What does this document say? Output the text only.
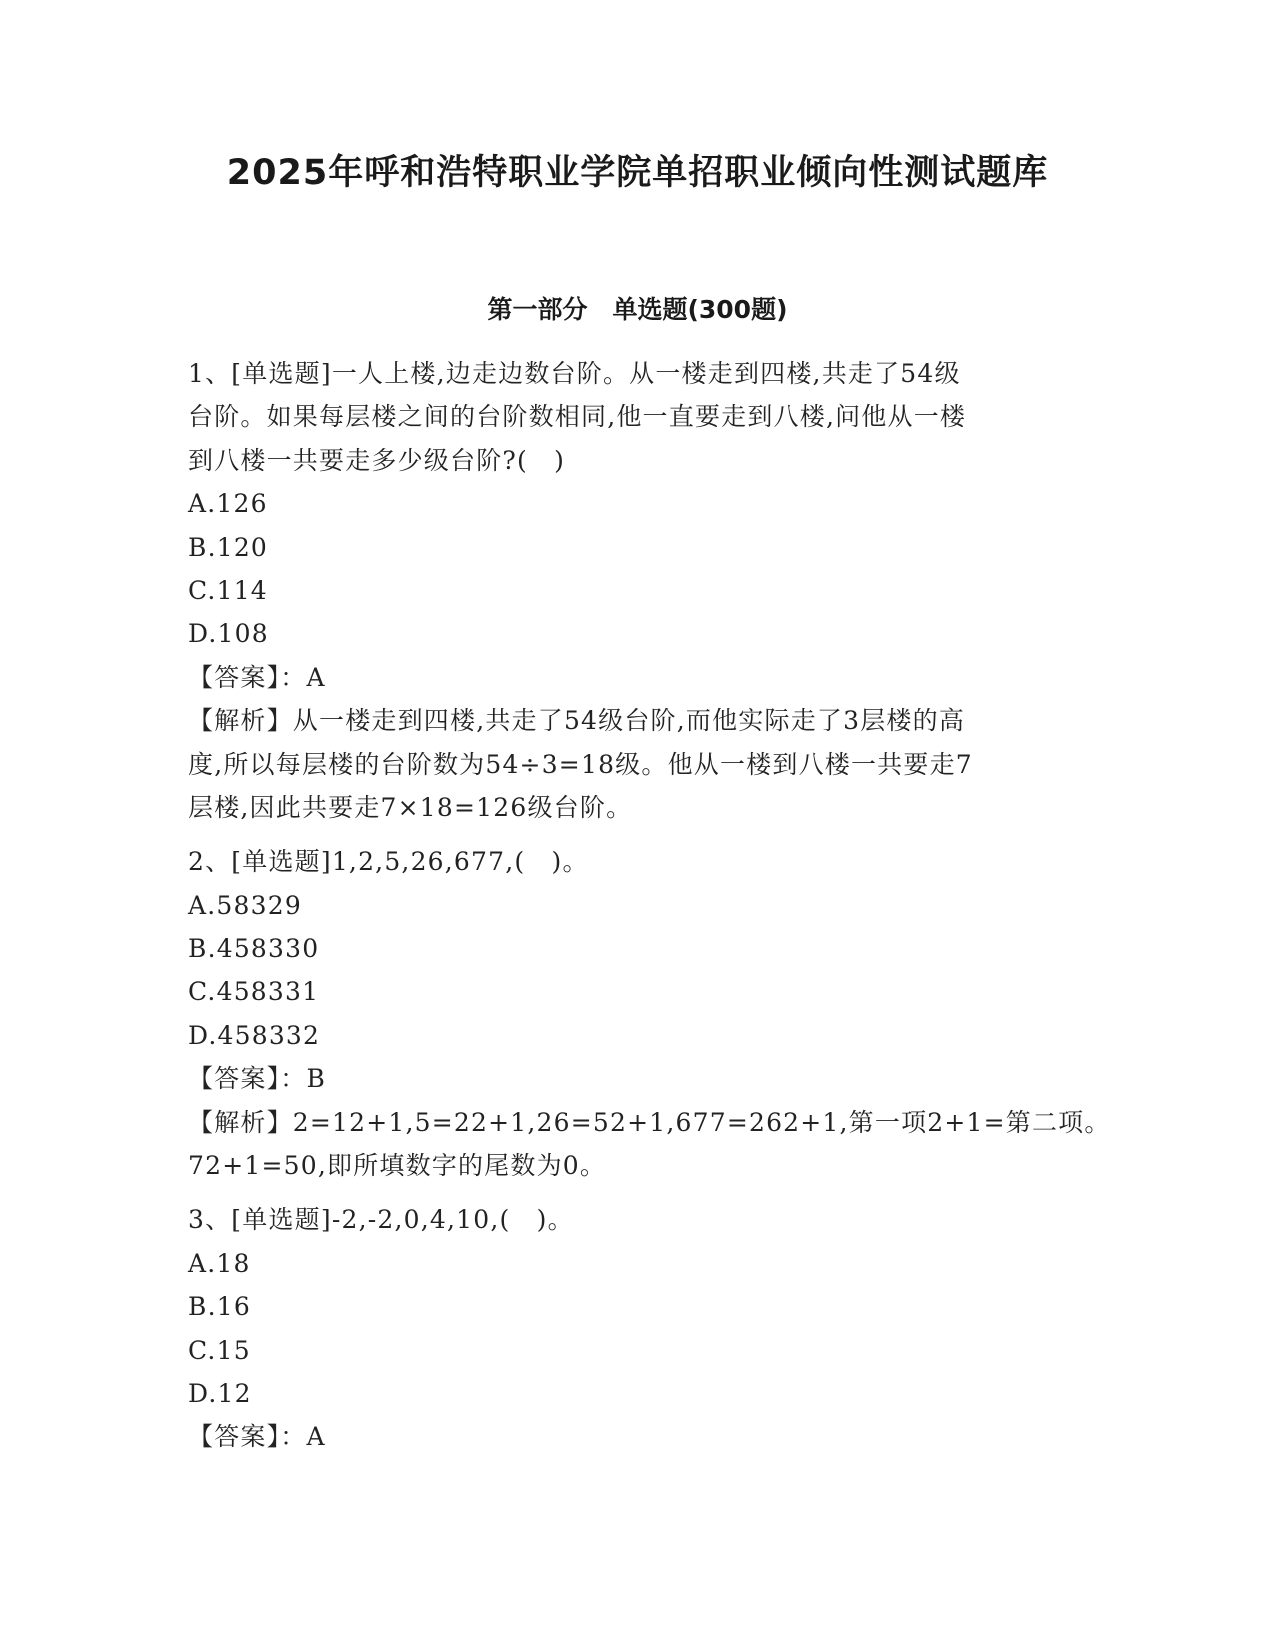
2025年呼和浩特职业学院单招职业倾向性测试题库
第一部分　单选题(300题)
1、[单选题]一人上楼,边走边数台阶。从一楼走到四楼,共走了54级
台阶。如果每层楼之间的台阶数相同,他一直要走到八楼,问他从一楼
到八楼一共要走多少级台阶?(　)
A.126
B.120
C.114
D.108
【答案】：A
【解析】从一楼走到四楼,共走了54级台阶,而他实际走了3层楼的高
度,所以每层楼的台阶数为54÷3=18级。他从一楼到八楼一共要走7
层楼,因此共要走7×18=126级台阶。
2、[单选题]1,2,5,26,677,(　)。
A.58329
B.458330
C.458331
D.458332
【答案】：B
【解析】2=12+1,5=22+1,26=52+1,677=262+1,第一项2+1=第二项。
72+1=50,即所填数字的尾数为0。
3、[单选题]-2,-2,0,4,10,(　)。
A.18
B.16
C.15
D.12
【答案】：A
